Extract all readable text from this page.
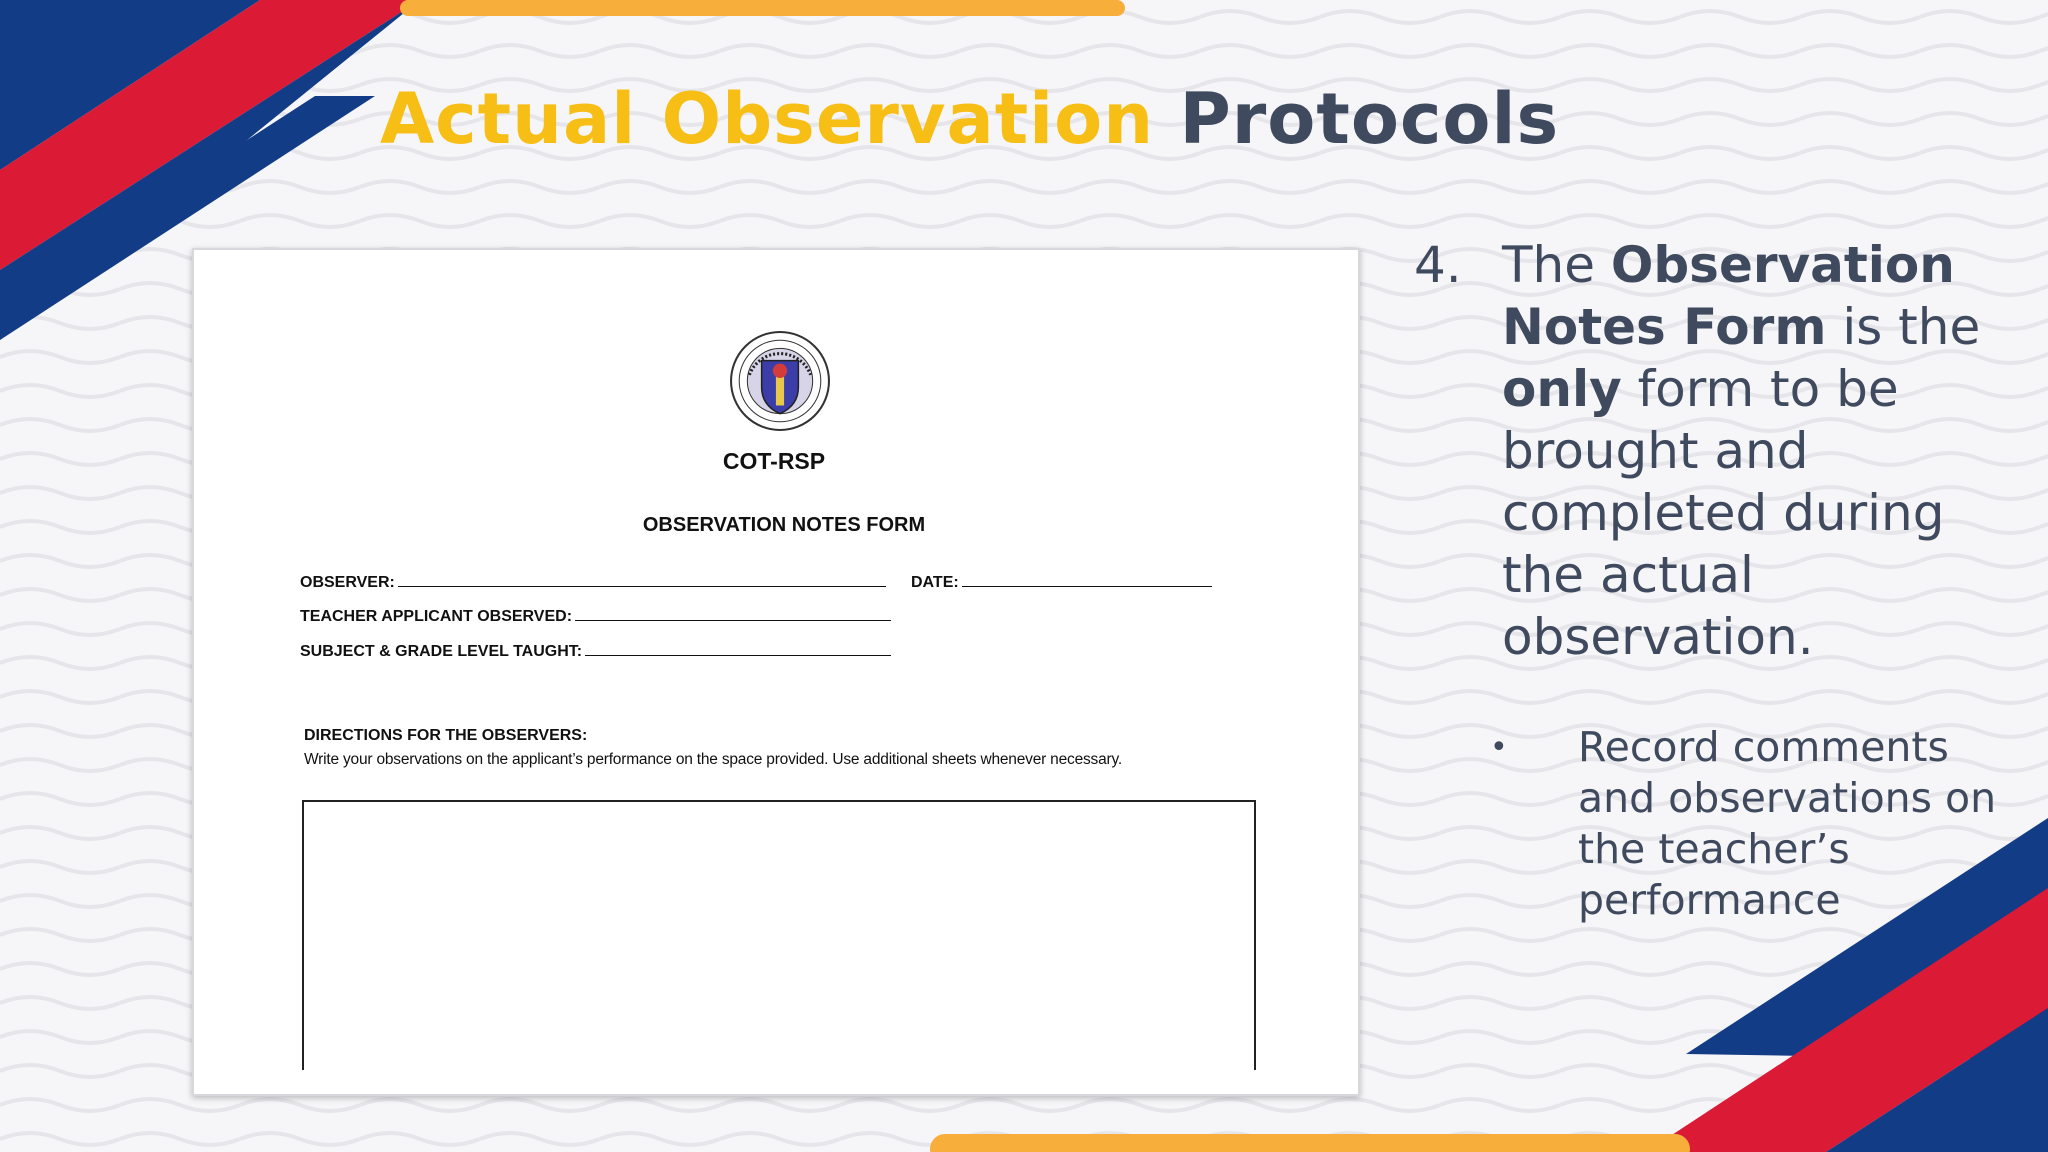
Actual Observation Protocols
COT-RSP
OBSERVATION NOTES FORM
OBSERVER:	DATE:
TEACHER APPLICANT OBSERVED:
SUBJECT & GRADE LEVEL TAUGHT:
DIRECTIONS FOR THE OBSERVERS:
Write your observations on the applicant’s performance on the space provided. Use additional sheets whenever necessary.
4. The Observation Notes Form is the only form to be brought and completed during the actual observation.
• Record comments and observations on the teacher’s performance
